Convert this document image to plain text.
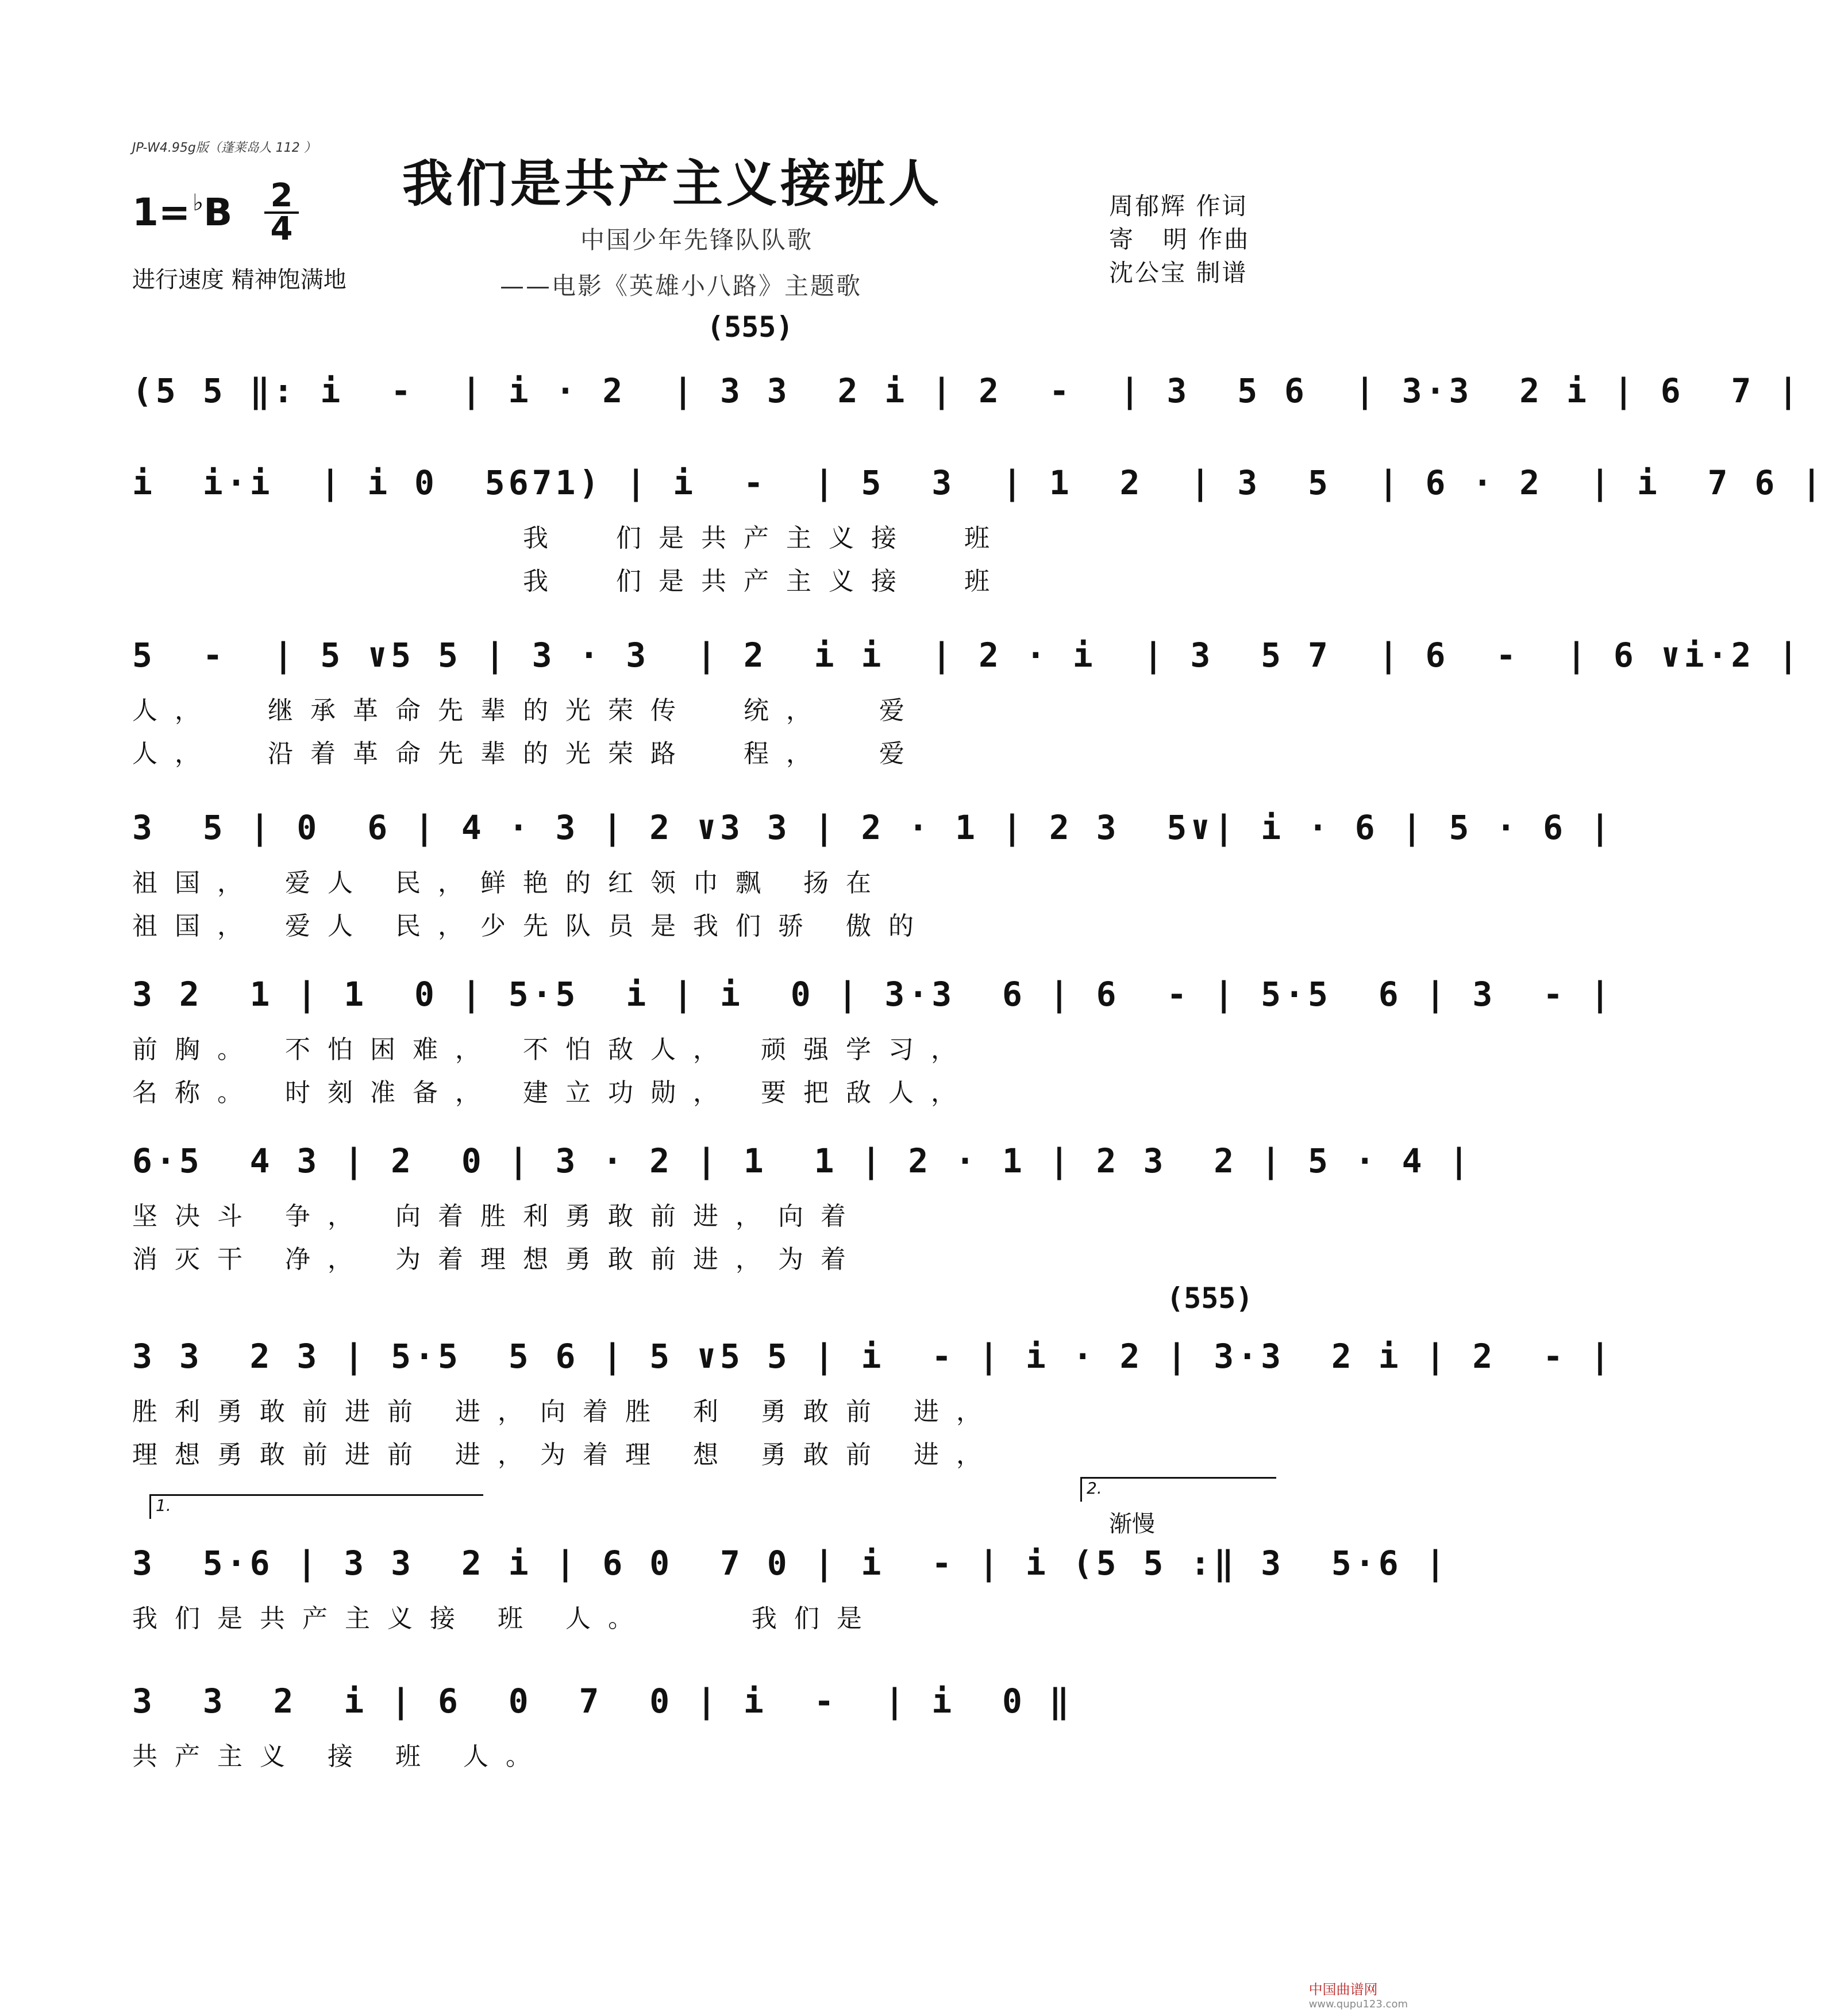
JP-W4.95g版（蓬莱岛人 112 ）
1= ♭B 2
4
进行速度 精神饱满地
我们是共产主义接班人
中国少年先锋队队歌
——电影《英雄小八路》主题歌
周郁辉 作词
寄   明 作曲
沈公宝 制谱
(555)
(5 5 ‖: i  -  | i · 2  | 3 3  2 i | 2  -  | 3  5 6  | 3·3  2 i | 6  7 |
i  i·i  | i 0  5671) | i  -  | 5  3  | 1  2  | 3  5  | 6 · 2  | i  7 6 |
我  们是共产主义接  班
我  们是共产主义接  班
5  -  | 5 ∨5 5 | 3 · 3  | 2  i i  | 2 · i  | 3  5 7  | 6  -  | 6 ∨i·2 |
人，  继承革命先辈的光荣传  统，  爱
人，  沿着革命先辈的光荣路  程，  爱
3  5 | 0  6 | 4 · 3 | 2 ∨3 3 | 2 · 1 | 2 3  5∨| i · 6 | 5 · 6 |
祖国， 爱人 民，鲜艳的红领巾飘 扬在
祖国， 爱人 民，少先队员是我们骄 傲的
3 2  1 | 1  0 | 5·5  i | i  0 | 3·3  6 | 6  - | 5·5  6 | 3  - |
前胸。 不怕困难， 不怕敌人， 顽强学习，
名称。 时刻准备， 建立功勋， 要把敌人，
6·5  4 3 | 2  0 | 3 · 2 | 1  1 | 2 · 1 | 2 3  2 | 5 · 4 |
坚决斗 争， 向着胜利勇敢前进，向着
消灭干 净， 为着理想勇敢前进，为着
(555)
3 3  2 3 | 5·5  5 6 | 5 ∨5 5 | i  - | i · 2 | 3·3  2 i | 2  - |
胜利勇敢前进前 进，向着胜 利 勇敢前 进，
理想勇敢前进前 进，为着理 想 勇敢前 进，
1.
2.
渐慢
3  5·6 | 3 3  2 i | 6 0  7 0 | i  - | i (5 5 :‖ 3  5·6 |
我们是共产主义接 班 人。    我们是
3  3  2  i | 6  0  7  0 | i  -  | i  0 ‖
共产主义 接 班 人。
中国曲谱网
www.qupu123.com
